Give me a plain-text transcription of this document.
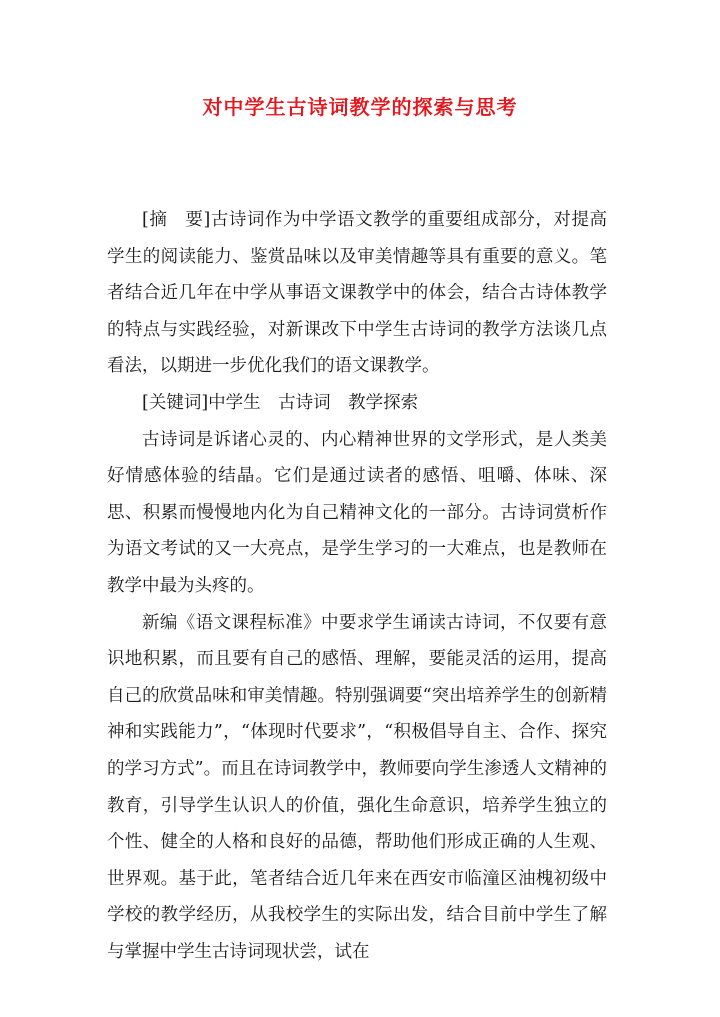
对中学生古诗词教学的探索与思考

[摘　要]古诗词作为中学语文教学的重要组成部分，对提高学生的阅读能力、鉴赏品味以及审美情趣等具有重要的意义。笔者结合近几年在中学从事语文课教学中的体会，结合古诗体教学的特点与实践经验，对新课改下中学生古诗词的教学方法谈几点看法，以期进一步优化我们的语文课教学。

[关键词]中学生　古诗词　教学探索

古诗词是诉诸心灵的、内心精神世界的文学形式，是人类美好情感体验的结晶。它们是通过读者的感悟、咀嚼、体味、深思、积累而慢慢地内化为自己精神文化的一部分。古诗词赏析作为语文考试的又一大亮点，是学生学习的一大难点，也是教师在教学中最为头疼的。

新编《语文课程标准》中要求学生诵读古诗词，不仅要有意识地积累，而且要有自己的感悟、理解，要能灵活的运用，提高自己的欣赏品味和审美情趣。特别强调要“突出培养学生的创新精神和实践能力”，“体现时代要求”，“积极倡导自主、合作、探究的学习方式”。而且在诗词教学中，教师要向学生渗透人文精神的教育，引导学生认识人的价值，强化生命意识，培养学生独立的个性、健全的人格和良好的品德，帮助他们形成正确的人生观、世界观。基于此，笔者结合近几年来在西安市临潼区油槐初级中学校的教学经历，从我校学生的实际出发，结合目前中学生了解与掌握中学生古诗词现状尝，试在
